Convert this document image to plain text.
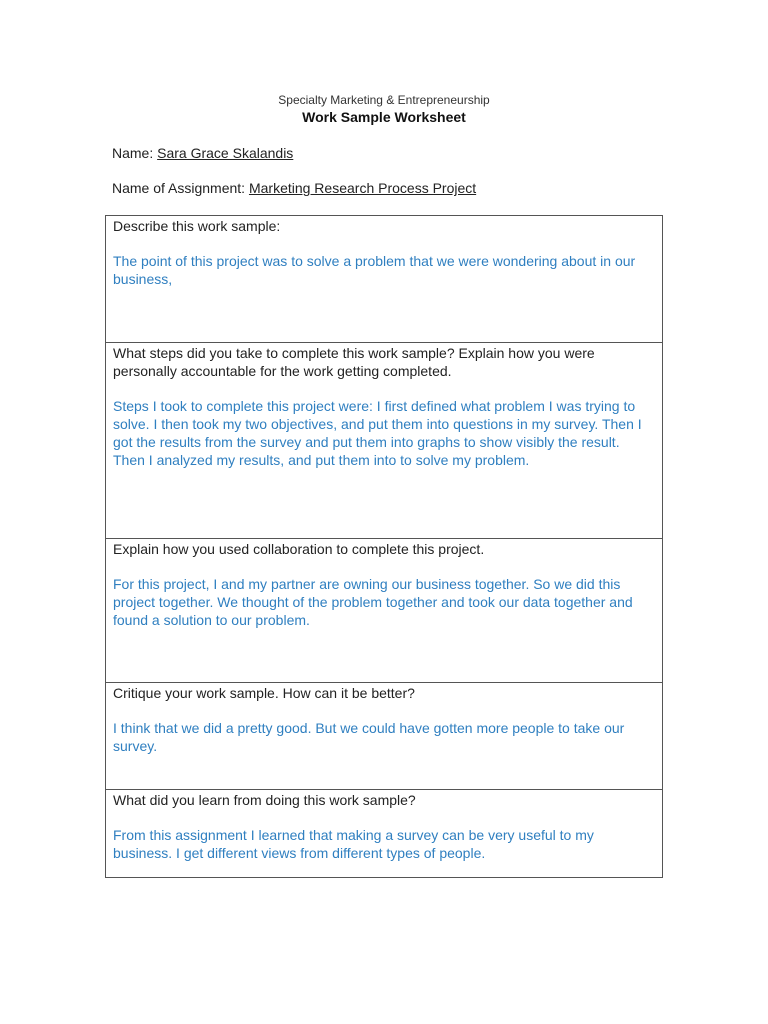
Specialty Marketing & Entrepreneurship
Work Sample Worksheet
Name: Sara Grace Skalandis
Name of Assignment: Marketing Research Process Project

Describe this work sample:

The point of this project was to solve a problem that we were wondering about in our business,

What steps did you take to complete this work sample? Explain how you were personally accountable for the work getting completed.

Steps I took to complete this project were: I first defined what problem I was trying to solve. I then took my two objectives, and put them into questions in my survey. Then I got the results from the survey and put them into graphs to show visibly the result. Then I analyzed my results, and put them into to solve my problem.

Explain how you used collaboration to complete this project.

For this project, I and my partner are owning our business together. So we did this project together. We thought of the problem together and took our data together and found a solution to our problem.

Critique your work sample. How can it be better?

I think that we did a pretty good. But we could have gotten more people to take our survey.

What did you learn from doing this work sample?

From this assignment I learned that making a survey can be very useful to my business. I get different views from different types of people.
